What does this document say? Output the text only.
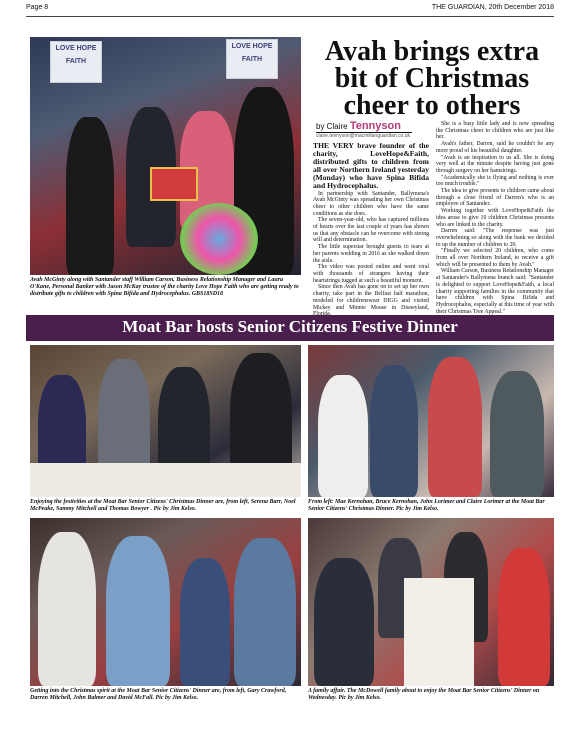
Page 8	THE GUARDIAN, 20th December 2018
LOVE HOPE FAITH
LOVE HOPE FAITH
Avah McGinty along with Santander staff William Carson, Business Relationship Manager and Laura O'Kane, Personal Banker with Jason McKay trustee of the charity Love Hope Faith who are getting ready to distribute gifts to children with Spina Bifida and Hydrocephalus. GBS18SD18
Avah brings extra
bit of Christmas
cheer to others
by Claire Tennyson
claire.tennyson@macmillanguardian.co.uk

THE VERY brave founder of the charity, LoveHope&Faith, distributed gifts to children from all over Northern Ireland yesterday (Monday) who have Spina Bifida and Hydrocephalus.

In partnership with Santander, Ballymena's Avah McGinty was spreading her own Christmas cheer to other children who have the same conditions as she does.

The seven-year-old, who has captured millions of hearts over the last couple of years has shown us that any obstacle can be overcome with strong will and determination.

The little superstar brought guests to tears at her parents wedding in 2016 as she walked down the aisle.

The video was posted online and went viral with thousands of strangers having their heartstrings tugged at such a beautiful moment.

Since then Avah has gone on to set up her own charity, take part in the Belfast half marathon, modeled for childrenswear DIGG and visited Mickey and Minnie Mouse in Disneyland,

She is a busy little lady and is now spreading the Christmas cheer to children who are just like her.

Avah's father, Darren, said he couldn't be any more proud of his beautiful daughter.

"Avah is an inspiration to us all. She is doing very well at the minute despite having just gone through surgery on her hamstrings.

"Academically she is flying and nothing is ever too much trouble."

The idea to give presents to children came about through a close friend of Darren's who is an employee of Santander.

Working together with LoveHope&Faith the idea arose to give 10 children Christmas presents who are linked to the charity.

Darren said: "The response was just overwhelming so along with the bank we decided to up the number of children to 20.

"Finally we selected 20 children, who come from all over Northern Ireland, to receive a gift which will be presented to them by Avah."

William Carson, Business Relationship Manager at Santander's Ballymena branch said: "Santander is delighted to support LoveHope&Faith, a local charity supporting families in the community that have children with Spina Bifida and Hydrocephalus, especially at this time of year with their Christmas Tree Appeal."

Moat Bar hosts Senior Citizens Festive Dinner
Enjoying the festivities at the Moat Bar Senior Citizens' Christmas Dinner are, from left, Serena Barr, Noel McPeake, Sammy Mitchell and Thomas Bowyer . Pic by Jim Kelso.
From left: Mae Kernohan, Bruce Kernohan, John Lorimer and Claire Lorimer at the Moat Bar Senior Citizens' Christmas Dinner. Pic by Jim Kelso.
Getting into the Christmas spirit at the Moat Bar Senior Citizens' Dinner are, from left, Gary Crawford, Darren Mitchell, John Balmer and David McFall. Pic by Jim Kelso.
A family affair. The McDowell family about to enjoy the Moat Bar Senior Citizens' Dinner on Wednesday. Pic by Jim Kelso.
